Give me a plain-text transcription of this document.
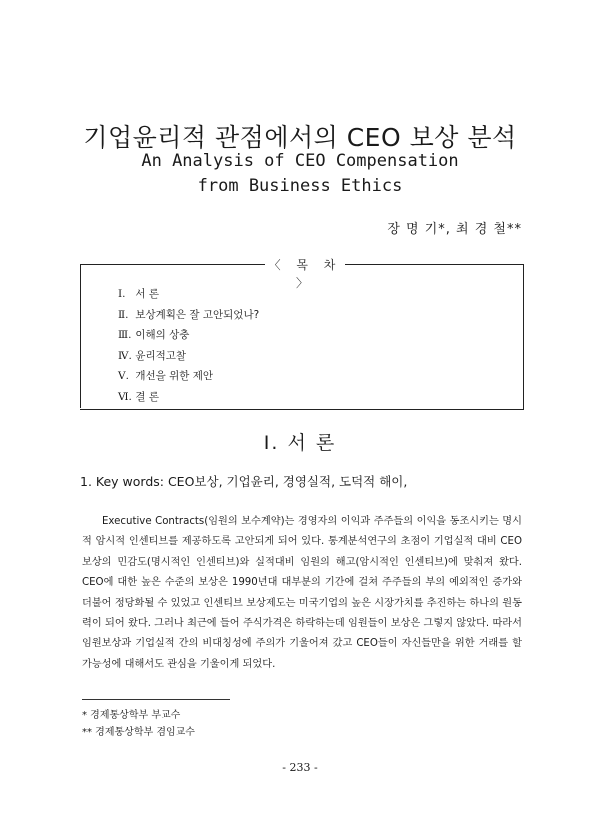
기업윤리적 관점에서의 CEO 보상 분석
An Analysis of CEO Compensation
from Business Ethics
장 명 기*, 최 경 철**
〈 목 차 〉
Ⅰ. 서 론
Ⅱ. 보상계획은 잘 고안되었나?
Ⅲ. 이해의 상충
Ⅳ. 윤리적고찰
Ⅴ. 개선을 위한 제안
Ⅵ. 결 론
Ⅰ. 서 론
1. Key words: CEO보상, 기업윤리, 경영실적, 도덕적 해이,

Executive Contracts(임원의 보수계약)는 경영자의 이익과 주주들의 이익을 동조시키는 명시적 암시적 인센티브를 제공하도록 고안되게 되어 있다. 통계분석연구의 초점이 기업실적 대비 CEO 보상의 민감도(명시적인 인센티브)와 실적대비 임원의 해고(암시적인 인센티브)에 맞춰져 왔다. CEO에 대한 높은 수준의 보상은 1990년대 대부분의 기간에 걸쳐 주주들의 부의 예외적인 증가와 더불어 정당화될 수 있었고 인센티브 보상제도는 미국기업의 높은 시장가치를 추진하는 하나의 원동력이 되어 왔다. 그러나 최근에 들어 주식가격은 하락하는데 임원들이 보상은 그렇지 않았다. 따라서 임원보상과 기업실적 간의 비대칭성에 주의가 기울어져 갔고 CEO들이 자신들만을 위한 거래를 할 가능성에 대해서도 관심을 기울이게 되었다.

* 경제통상학부 부교수
** 경제통상학부 겸임교수
- 233 -
